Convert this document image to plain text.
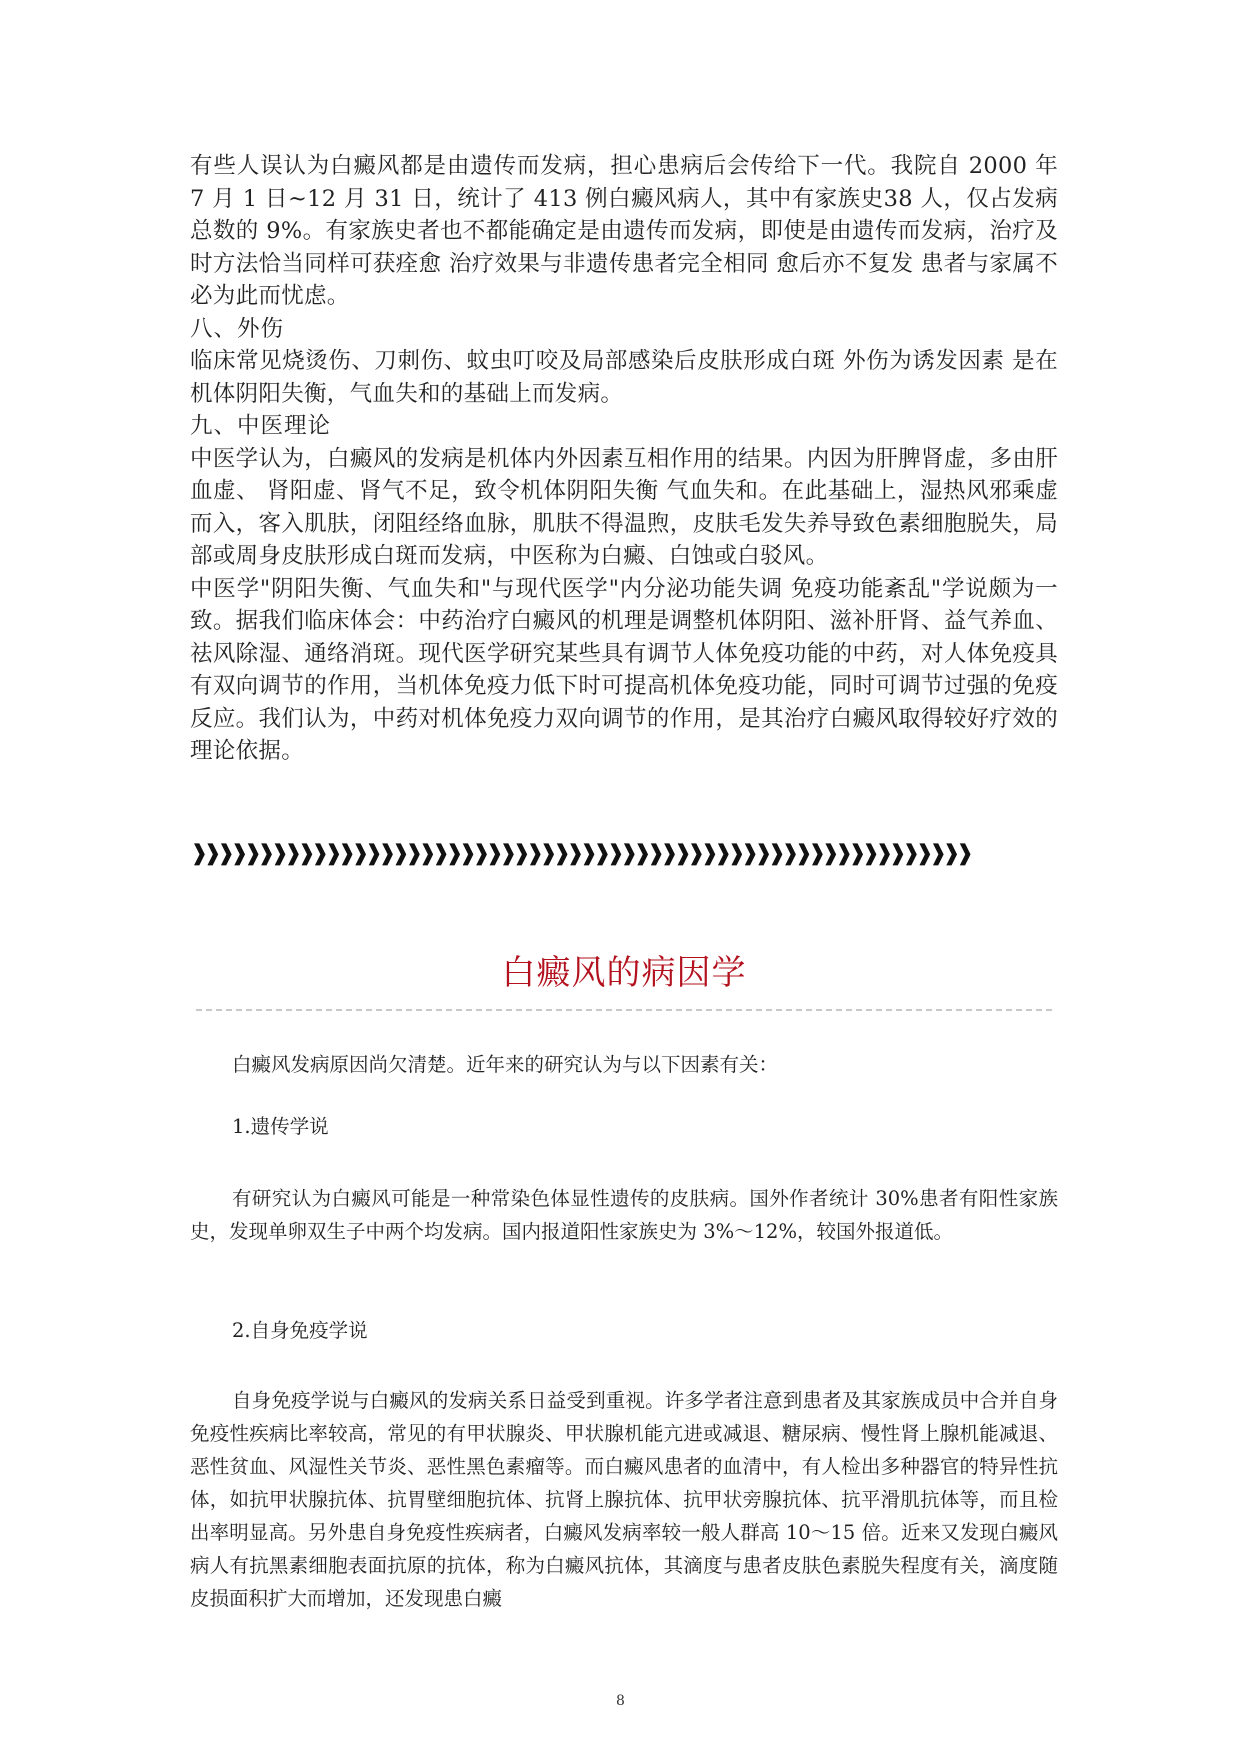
有些人误认为白癜风都是由遗传而发病，担心患病后会传给下一代。我院自 2000 年 7 月 1 日~12 月 31 日，统计了 413 例白癜风病人，其中有家族史38 人，仅占发病总数的 9%。有家族史者也不都能确定是由遗传而发病，即使是由遗传而发病，治疗及时方法恰当同样可获痊愈 治疗效果与非遗传患者完全相同 愈后亦不复发 患者与家属不必为此而忧虑。

八、外伤

临床常见烧烫伤、刀刺伤、蚊虫叮咬及局部感染后皮肤形成白斑 外伤为诱发因素 是在机体阴阳失衡，气血失和的基础上而发病。

九、中医理论

中医学认为，白癜风的发病是机体内外因素互相作用的结果。内因为肝脾肾虚，多由肝血虚、 肾阳虚、肾气不足，致令机体阴阳失衡 气血失和。在此基础上，湿热风邪乘虚而入，客入肌肤，闭阻经络血脉，肌肤不得温煦，皮肤毛发失养导致色素细胞脱失，局部或周身皮肤形成白斑而发病，中医称为白癜、白蚀或白驳风。

中医学"阴阳失衡、气血失和"与现代医学"内分泌功能失调 免疫功能紊乱"学说颇为一致。据我们临床体会：中药治疗白癜风的机理是调整机体阴阳、滋补肝肾、益气养血、祛风除湿、通络消斑。现代医学研究某些具有调节人体免疫功能的中药，对人体免疫具有双向调节的作用，当机体免疫力低下时可提高机体免疫功能，同时可调节过强的免疫反应。我们认为，中药对机体免疫力双向调节的作用，是其治疗白癜风取得较好疗效的理论依据。

❱❱❱❱❱❱❱❱❱❱❱❱❱❱❱❱❱❱❱❱❱❱❱❱❱❱❱❱❱❱❱❱❱❱❱❱❱❱❱❱❱❱❱❱❱❱❱❱❱❱❱❱❱❱❱❱❱❱
白癜风的病因学

白癜风发病原因尚欠清楚。近年来的研究认为与以下因素有关：

1.遗传学说

有研究认为白癜风可能是一种常染色体显性遗传的皮肤病。国外作者统计 30%患者有阳性家族史，发现单卵双生子中两个均发病。国内报道阳性家族史为 3%～12%，较国外报道低。

2.自身免疫学说

自身免疫学说与白癜风的发病关系日益受到重视。许多学者注意到患者及其家族成员中合并自身免疫性疾病比率较高，常见的有甲状腺炎、甲状腺机能亢进或减退、糖尿病、慢性肾上腺机能减退、恶性贫血、风湿性关节炎、恶性黑色素瘤等。而白癜风患者的血清中，有人检出多种器官的特异性抗体，如抗甲状腺抗体、抗胃壁细胞抗体、抗肾上腺抗体、抗甲状旁腺抗体、抗平滑肌抗体等，而且检出率明显高。另外患自身免疫性疾病者，白癜风发病率较一般人群高 10～15 倍。近来又发现白癜风病人有抗黑素细胞表面抗原的抗体，称为白癜风抗体，其滴度与患者皮肤色素脱失程度有关，滴度随皮损面积扩大而增加，还发现患白癜

8
